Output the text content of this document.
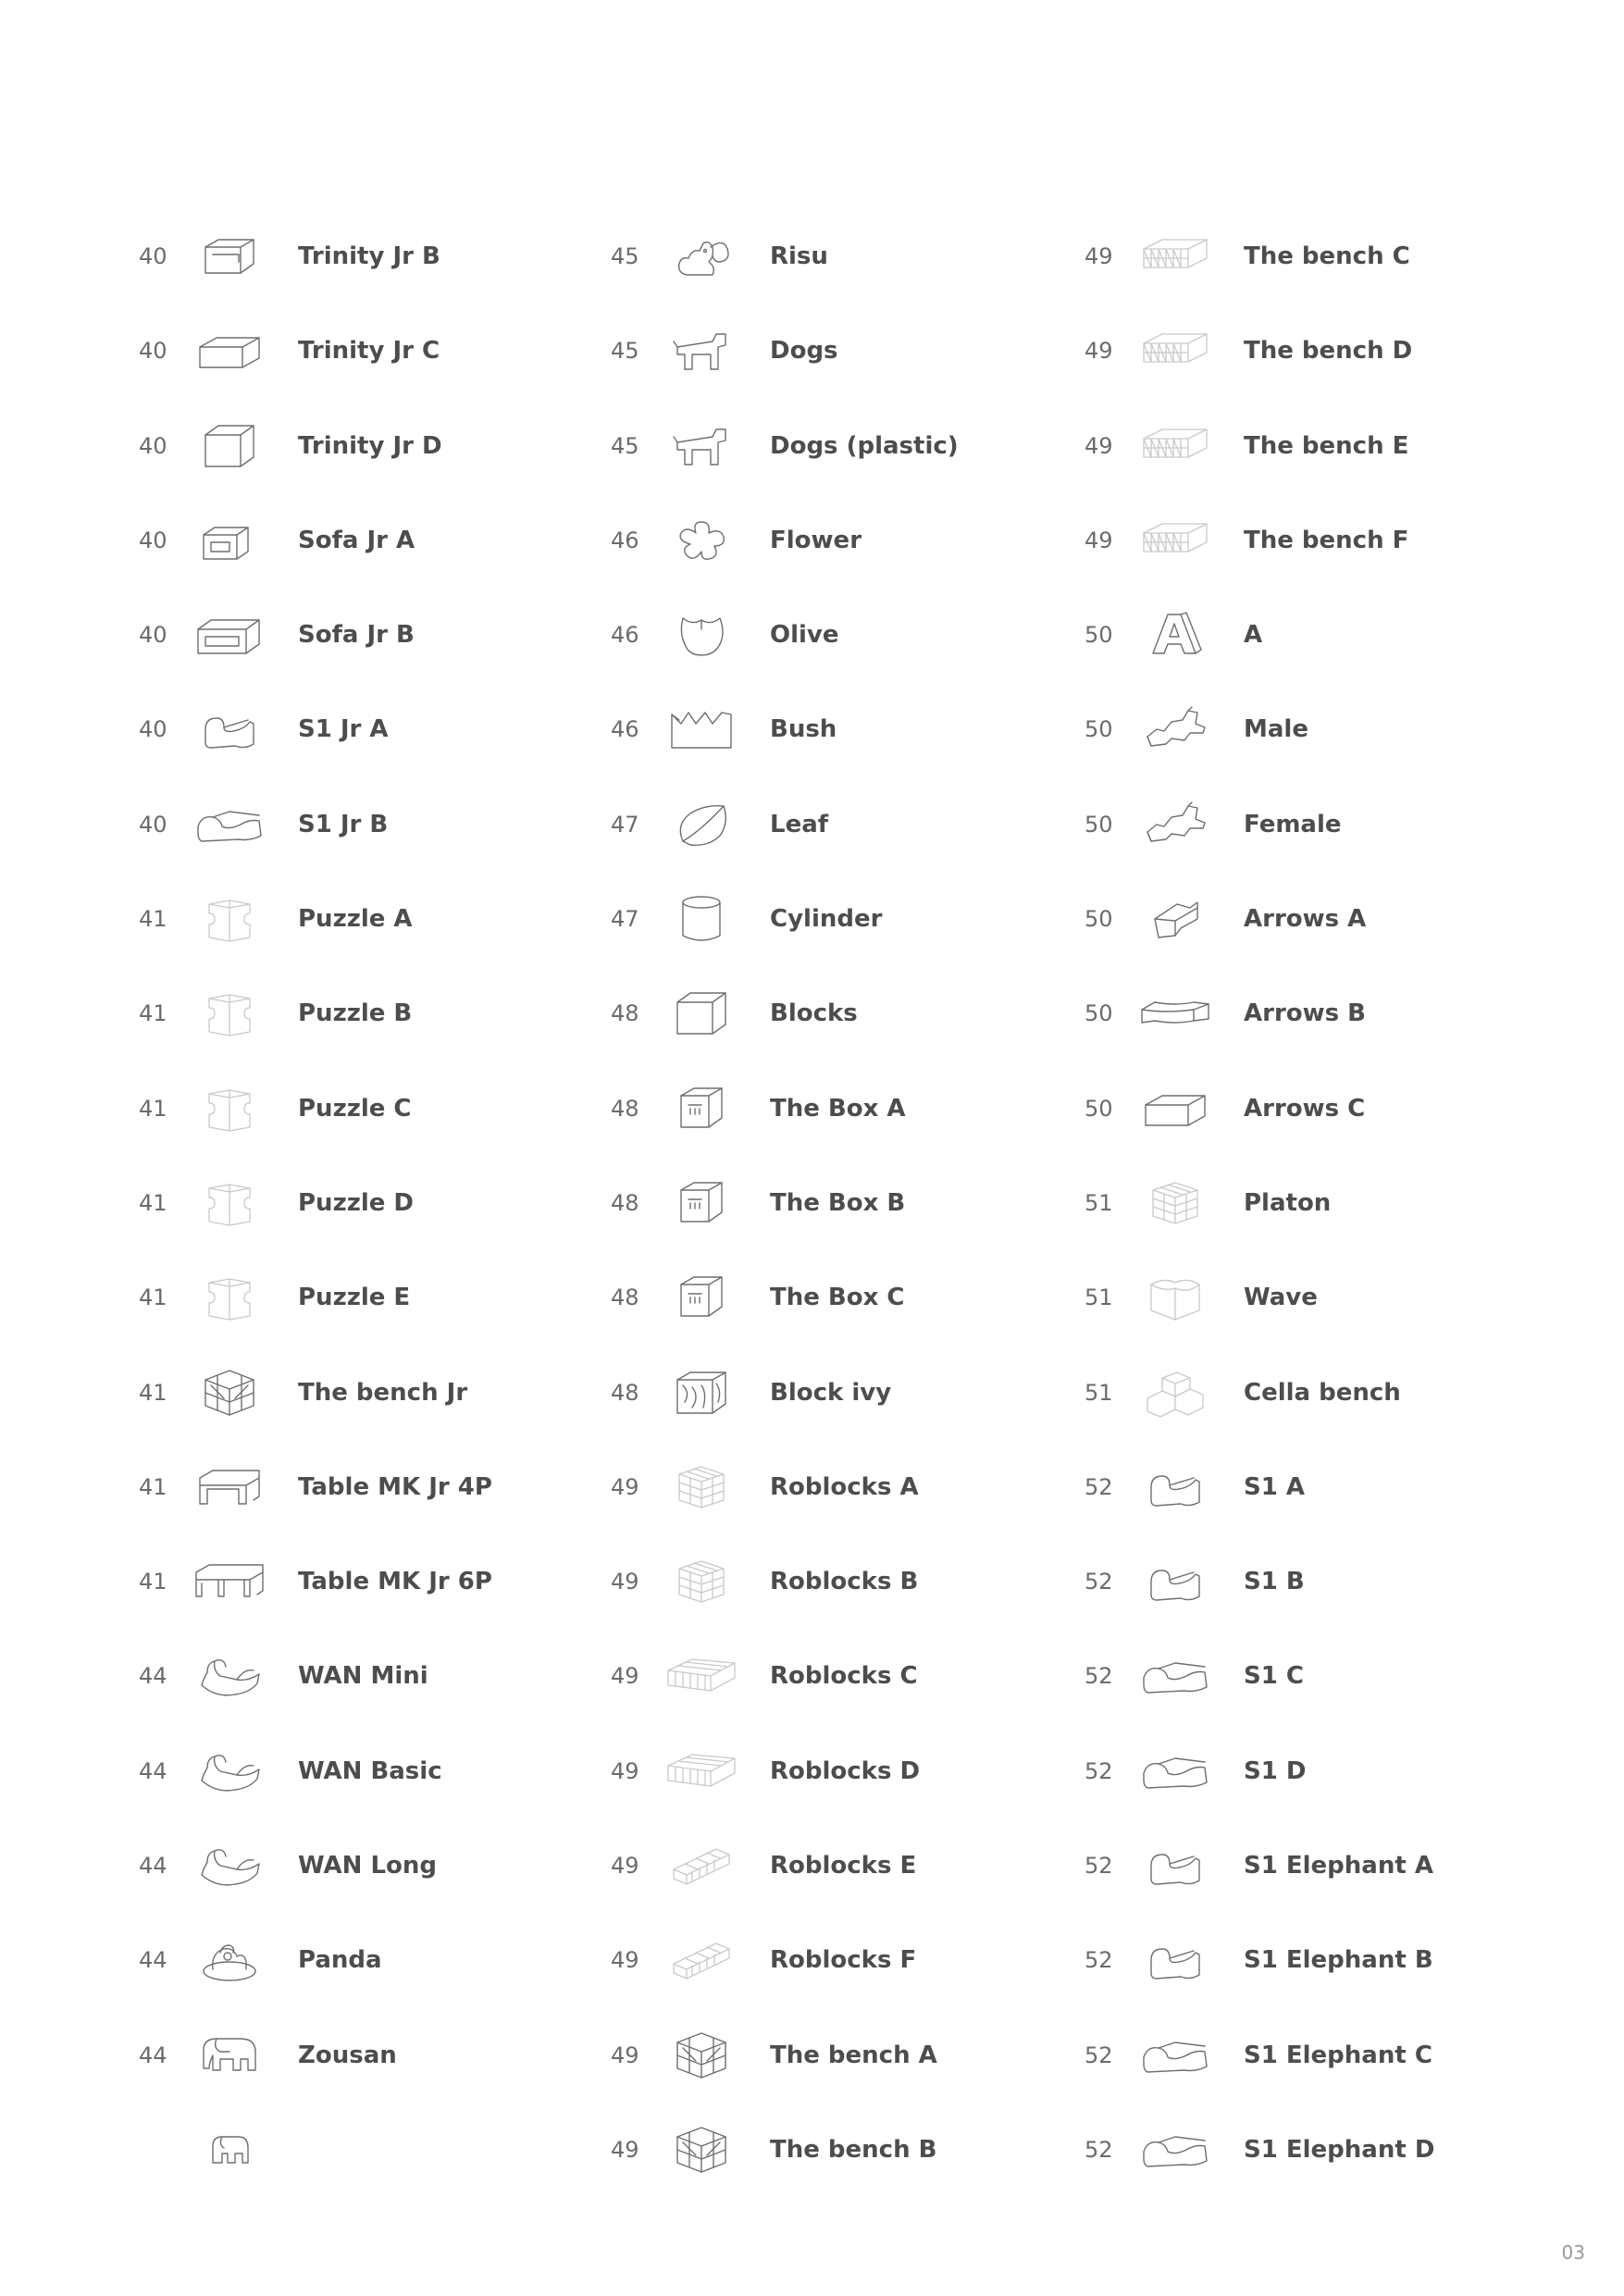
40	Trinity Jr B
40	Trinity Jr C
40	Trinity Jr D
40	Sofa Jr A
40	Sofa Jr B
40	S1 Jr A
40	S1 Jr B
41	Puzzle A
41	Puzzle B
41	Puzzle C
41	Puzzle D
41	Puzzle E
41	The bench Jr
41	Table MK Jr 4P
41	Table MK Jr 6P
44	WAN Mini
44	WAN Basic
44	WAN Long
44	Panda
44	Zousan
45	Risu
45	Dogs
45	Dogs (plastic)
46	Flower
46	Olive
46	Bush
47	Leaf
47	Cylinder
48	Blocks
48	The Box A
48	The Box B
48	The Box C
48	Block ivy
49	Roblocks A
49	Roblocks B
49	Roblocks C
49	Roblocks D
49	Roblocks E
49	Roblocks F
49	The bench A
49	The bench B
49	The bench C
49	The bench D
49	The bench E
49	The bench F
50	A
50	Male
50	Female
50	Arrows A
50	Arrows B
50	Arrows C
51	Platon
51	Wave
51	Cella bench
52	S1 A
52	S1 B
52	S1 C
52	S1 D
52	S1 Elephant A
52	S1 Elephant B
52	S1 Elephant C
52	S1 Elephant D
03
